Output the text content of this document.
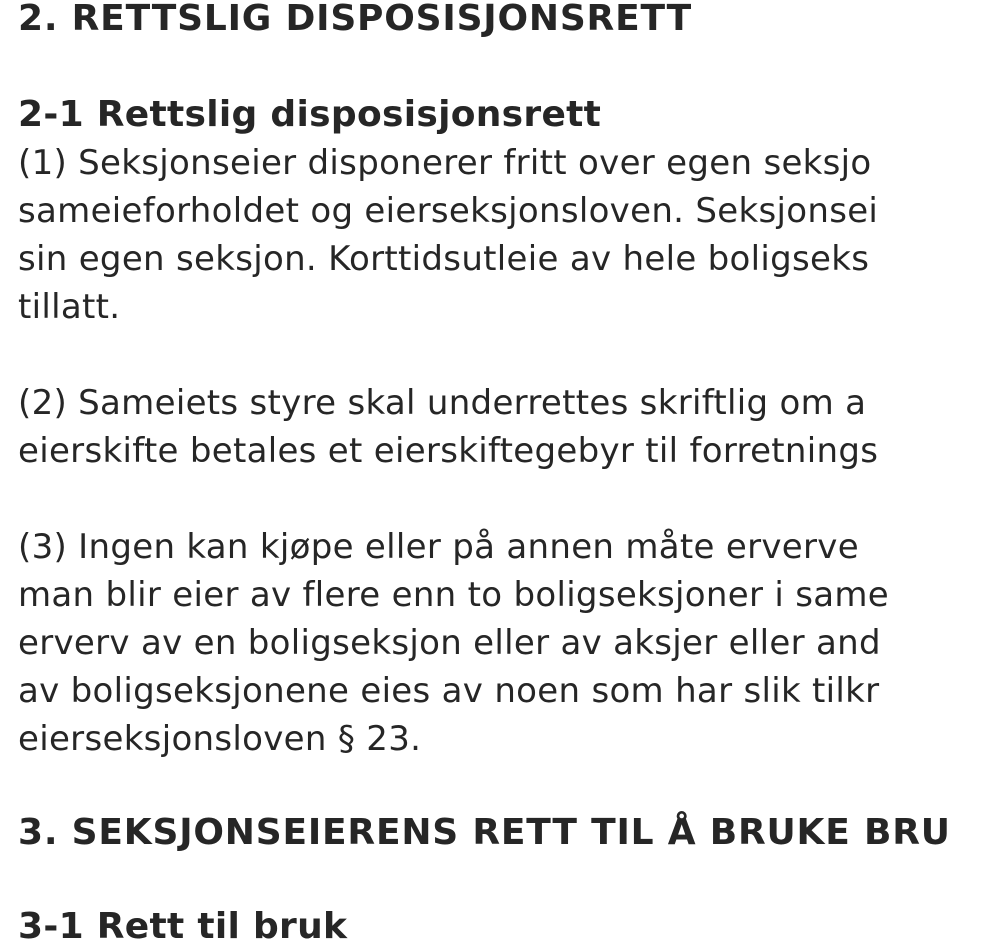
2. RETTSLIG DISPOSISJONSRETT
2-1 Rettslig disposisjonsrett
(1) Seksjonseier disponerer fritt over egen seksjo
sameieforholdet og eierseksjonsloven. Seksjonsei
sin egen seksjon. Korttidsutleie av hele boligseks
tillatt.
(2) Sameiets styre skal underrettes skriftlig om a
eierskifte betales et eierskiftegebyr til forretnings
(3) Ingen kan kjøpe eller på annen måte erverve
man blir eier av flere enn to boligseksjoner i same
erverv av en boligseksjon eller av aksjer eller and
av boligseksjonene eies av noen som har slik tilkr
eierseksjonsloven § 23.
3. SEKSJONSEIERENS RETT TIL Å BRUKE BRU
3-1 Rett til bruk
